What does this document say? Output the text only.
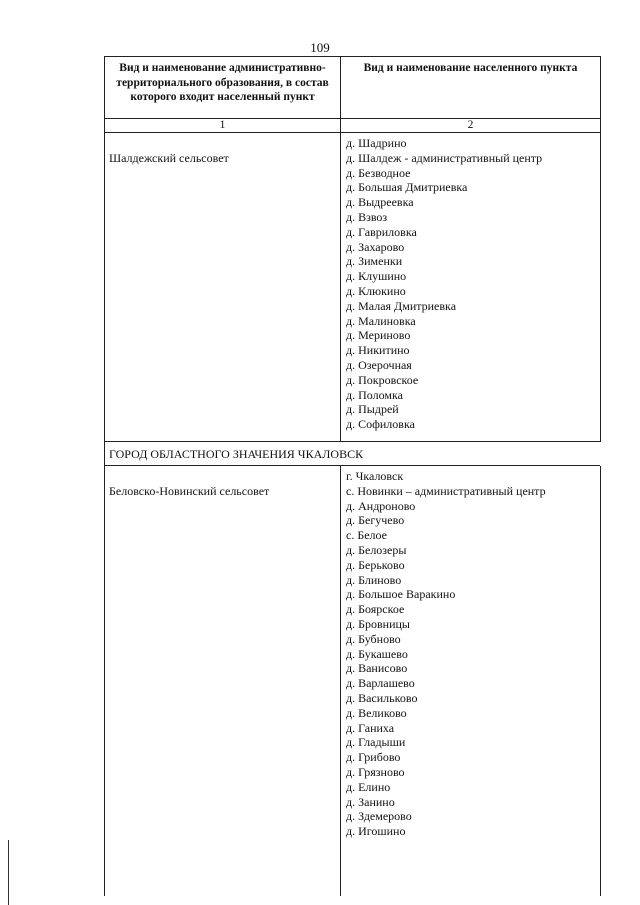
109
Вид и наименование административно-территориального образования, в состав которого входит населенный пункт
Вид и наименование населенного пункта
1	2
Шалдежский сельсовет
д. Шадрино
д. Шалдеж - административный центр
д. Безводное
д. Большая Дмитриевка
д. Выдреевка
д. Взвоз
д. Гавриловка
д. Захарово
д. Зименки
д. Клушино
д. Клюкино
д. Малая Дмитриевка
д. Малиновка
д. Мериново
д. Никитино
д. Озерочная
д. Покровское
д. Поломка
д. Пыдрей
д. Софиловка
ГОРОД ОБЛАСТНОГО ЗНАЧЕНИЯ ЧКАЛОВСК
Беловско-Новинский сельсовет
г. Чкаловск
с. Новинки – административный центр
д. Андроново
д. Бегучево
с. Белое
д. Белозеры
д. Берьково
д. Блиново
д. Большое Варакино
д. Боярское
д. Бровницы
д. Бубново
д. Букашево
д. Ванисово
д. Варлашево
д. Васильково
д. Великово
д. Ганиха
д. Гладыши
д. Грибово
д. Грязново
д. Елино
д. Занино
д. Здемерово
д. Игошино
